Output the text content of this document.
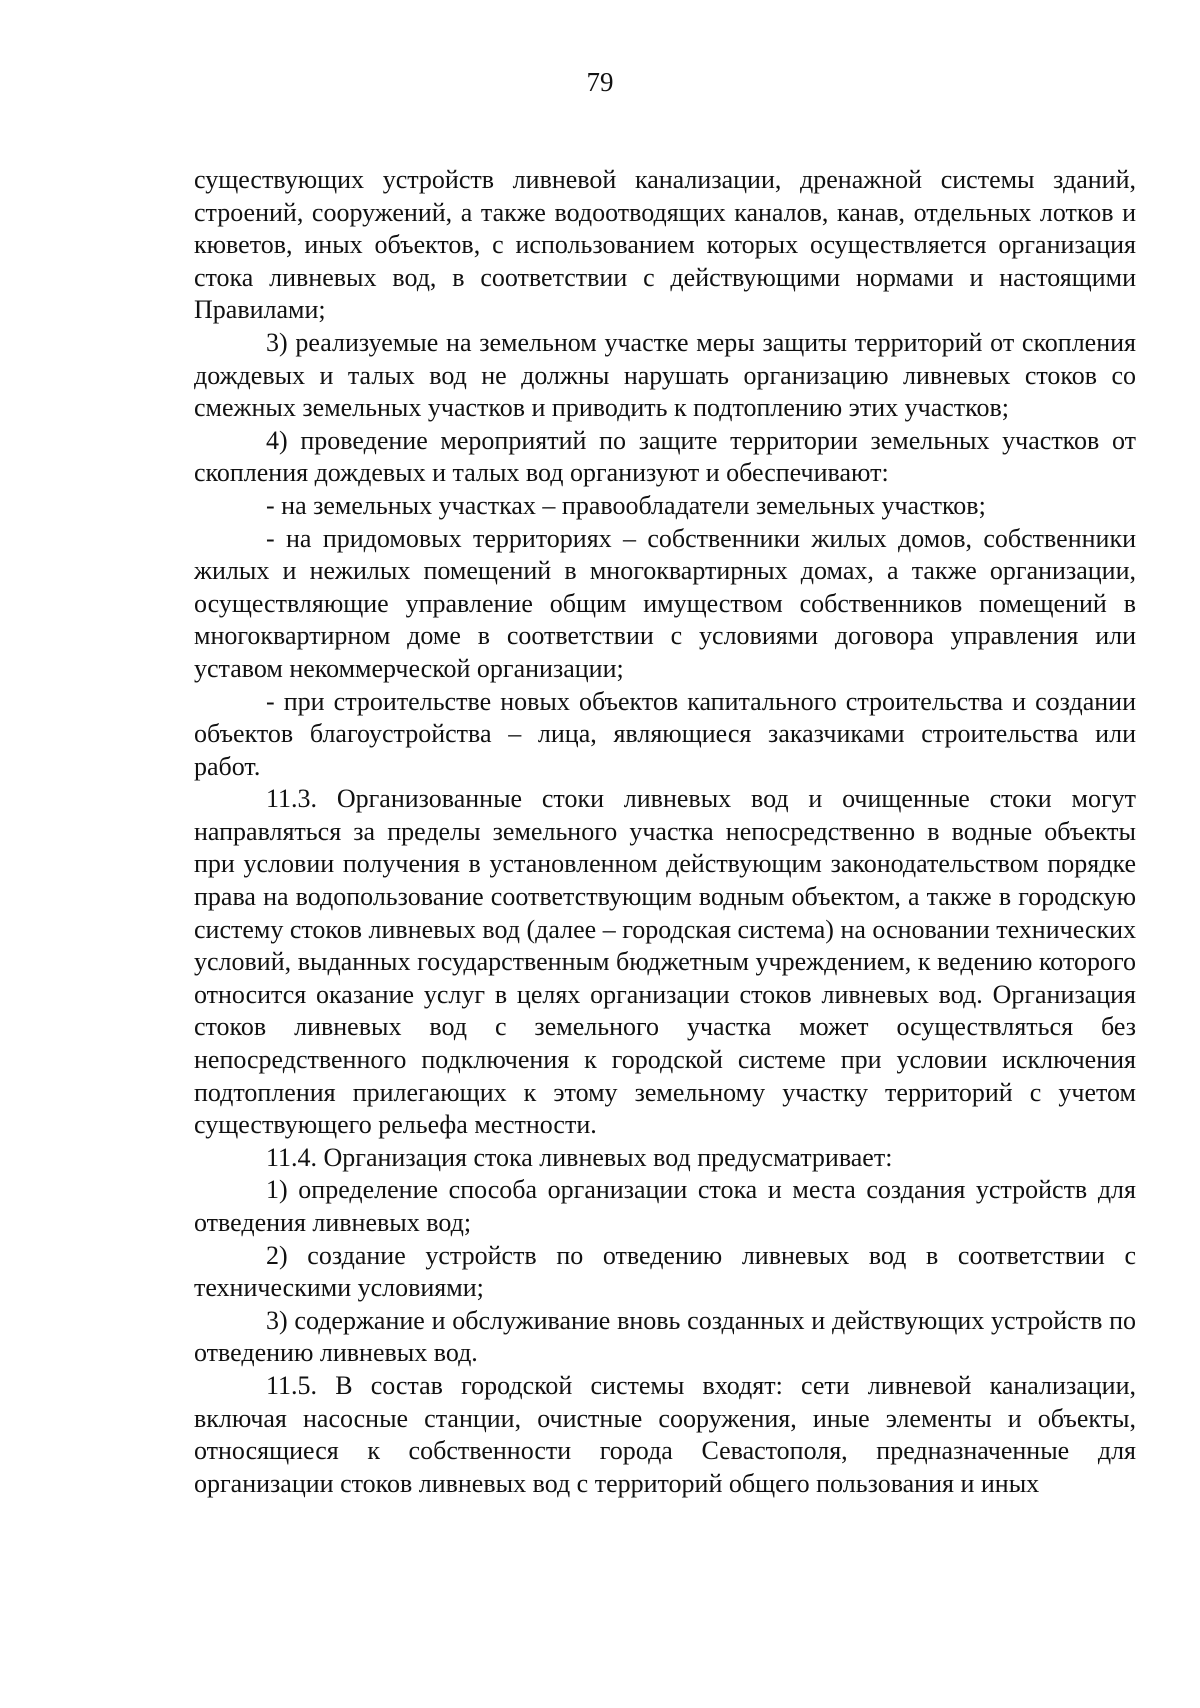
79

существующих устройств ливневой канализации, дренажной системы зданий, строений, сооружений, а также водоотводящих каналов, канав, отдельных лотков и кюветов, иных объектов, с использованием которых осуществляется организация стока ливневых вод, в соответствии с действующими нормами и настоящими Правилами;

3) реализуемые на земельном участке меры защиты территорий от скопления дождевых и талых вод не должны нарушать организацию ливневых стоков со смежных земельных участков и приводить к подтоплению этих участков;

4) проведение мероприятий по защите территории земельных участков от скопления дождевых и талых вод организуют и обеспечивают:

- на земельных участках – правообладатели земельных участков;

- на придомовых территориях – собственники жилых домов, собственники жилых и нежилых помещений в многоквартирных домах, а также организации, осуществляющие управление общим имуществом собственников помещений в многоквартирном доме в соответствии с условиями договора управления или уставом некоммерческой организации;

- при строительстве новых объектов капитального строительства и создании объектов благоустройства – лица, являющиеся заказчиками строительства или работ.

11.3. Организованные стоки ливневых вод и очищенные стоки могут направляться за пределы земельного участка непосредственно в водные объекты при условии получения в установленном действующим законодательством порядке права на водопользование соответствующим водным объектом, а также в городскую систему стоков ливневых вод (далее – городская система) на основании технических условий, выданных государственным бюджетным учреждением, к ведению которого относится оказание услуг в целях организации стоков ливневых вод. Организация стоков ливневых вод с земельного участка может осуществляться без непосредственного подключения к городской системе при условии исключения подтопления прилегающих к этому земельному участку территорий с учетом существующего рельефа местности.

11.4. Организация стока ливневых вод предусматривает:

1) определение способа организации стока и места создания устройств для отведения ливневых вод;

2) создание устройств по отведению ливневых вод в соответствии с техническими условиями;

3) содержание и обслуживание вновь созданных и действующих устройств по отведению ливневых вод.

11.5. В состав городской системы входят: сети ливневой канализации, включая насосные станции, очистные сооружения, иные элементы и объекты, относящиеся к собственности города Севастополя, предназначенные для организации стоков ливневых вод с территорий общего пользования и иных
